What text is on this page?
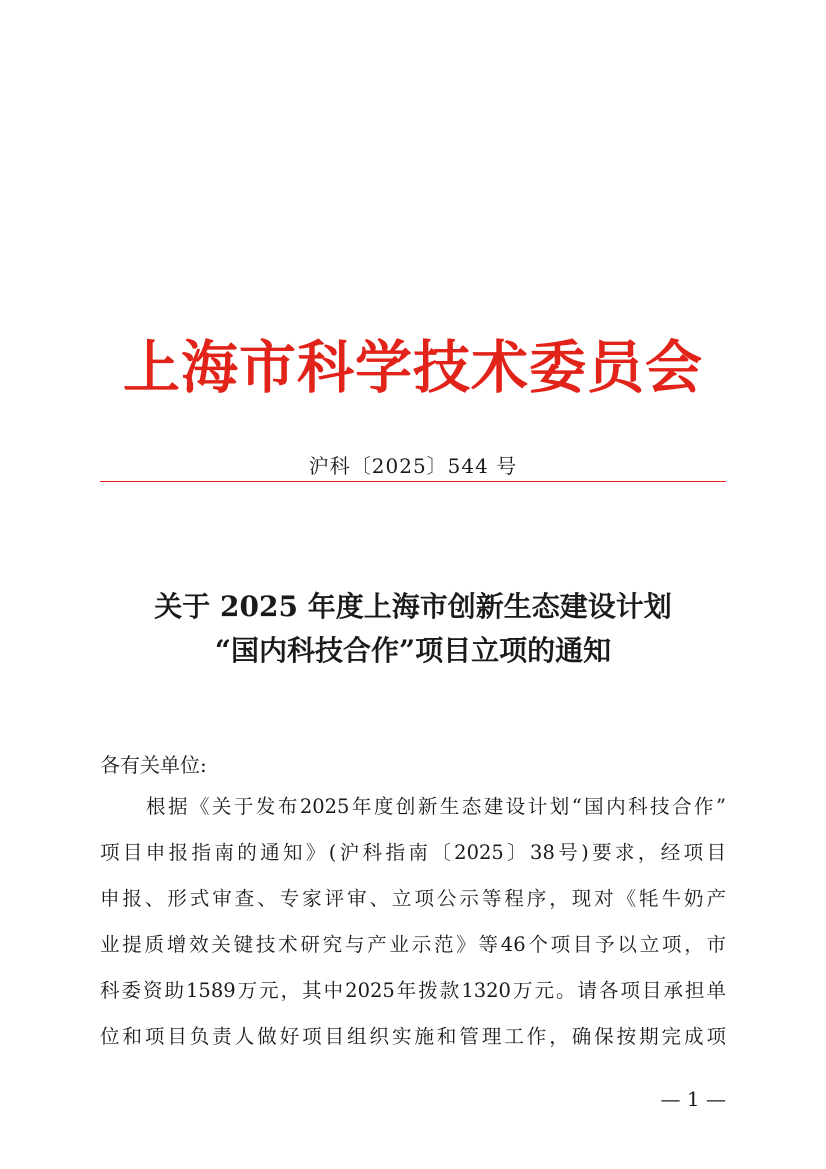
上海市科学技术委员会
沪科〔2025〕544 号
关于 2025 年度上海市创新生态建设计划
“国内科技合作”项目立项的通知
各有关单位:
根据《关于发布2025年度创新生态建设计划“国内科技合作”
项目申报指南的通知》(沪科指南〔2025〕38号)要求，经项目
申报、形式审查、专家评审、立项公示等程序，现对《牦牛奶产
业提质增效关键技术研究与产业示范》等46个项目予以立项，市
科委资助1589万元，其中2025年拨款1320万元。请各项目承担单
位和项目负责人做好项目组织实施和管理工作，确保按期完成项
— 1 —
